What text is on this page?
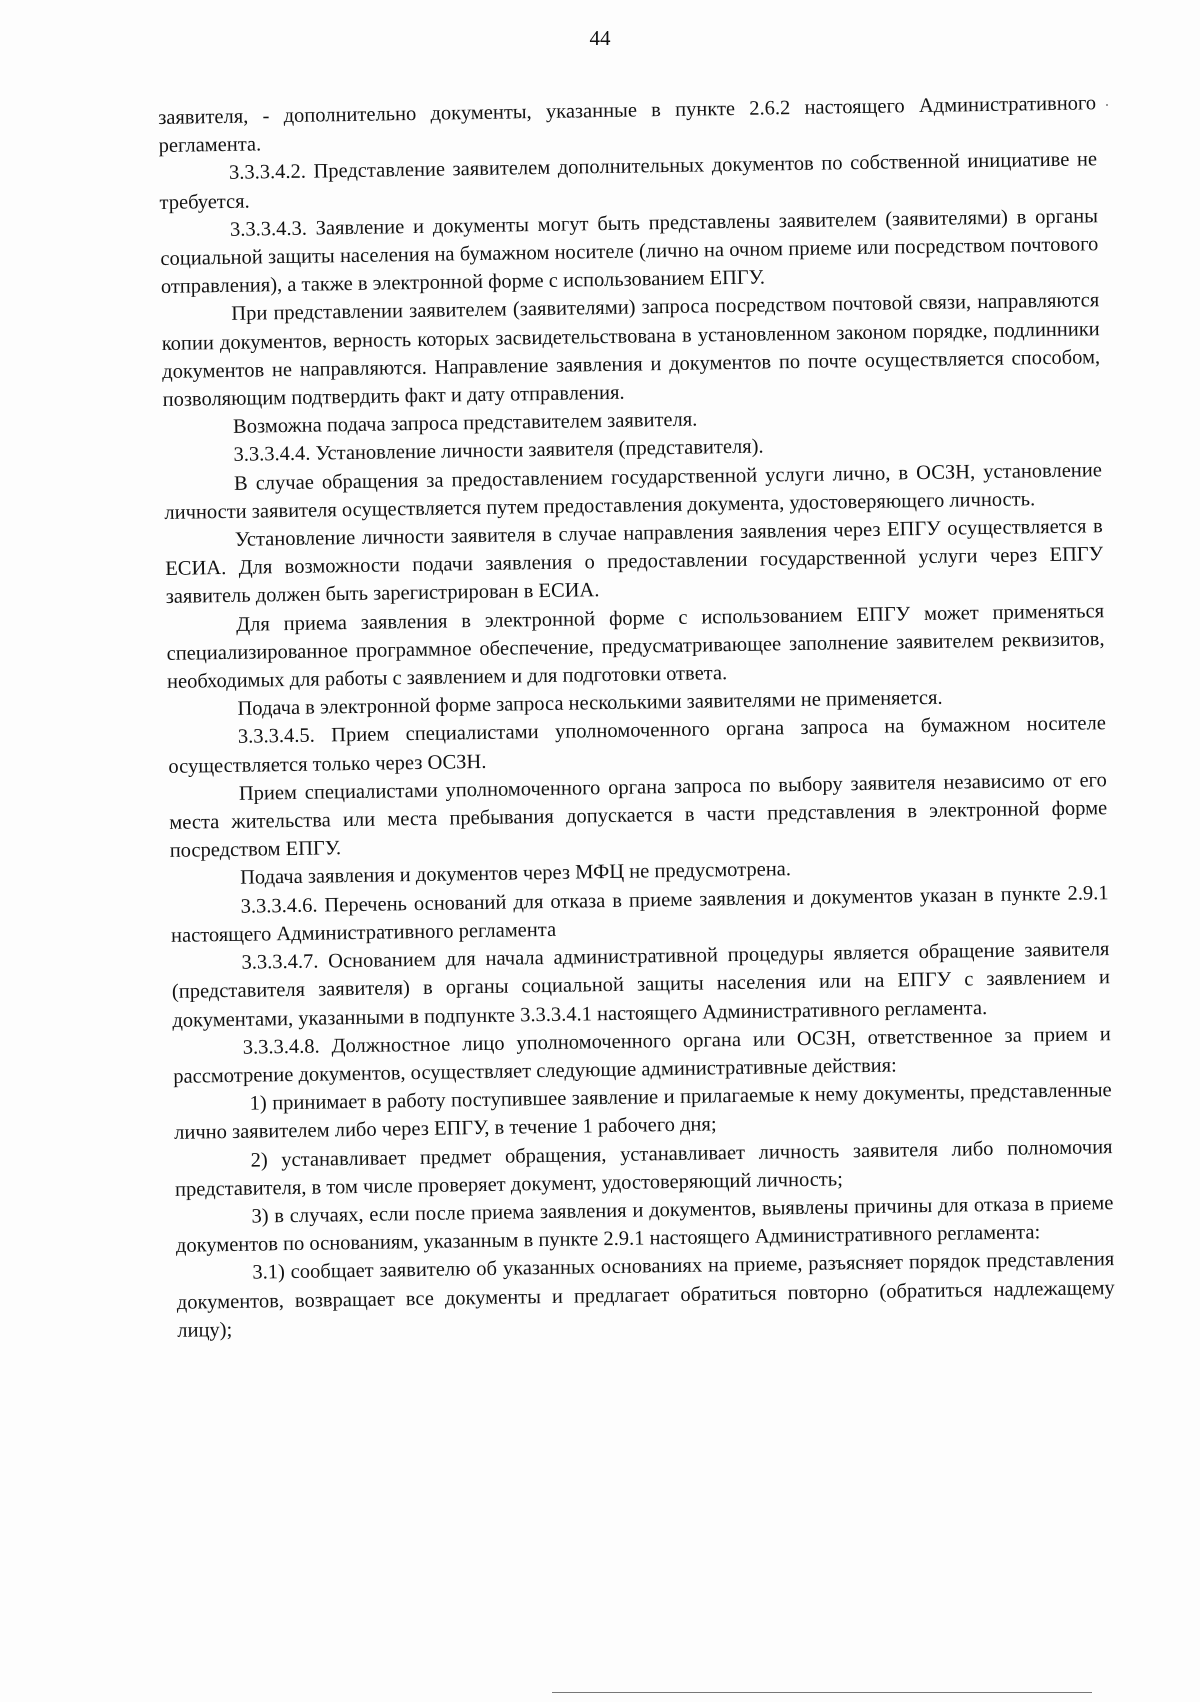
44

заявителя, - дополнительно документы, указанные в пункте 2.6.2 настоящего Административного регламента.

3.3.3.4.2. Представление заявителем дополнительных документов по собственной инициативе не требуется.

3.3.3.4.3. Заявление и документы могут быть представлены заявителем (заявителями) в органы социальной защиты населения на бумажном носителе (лично на очном приеме или посредством почтового отправления), а также в электронной форме с использованием ЕПГУ.

При представлении заявителем (заявителями) запроса посредством почтовой связи, направляются копии документов, верность которых засвидетельствована в установленном законом порядке, подлинники документов не направляются. Направление заявления и документов по почте осуществляется способом, позволяющим подтвердить факт и дату отправления.

Возможна подача запроса представителем заявителя.

3.3.3.4.4. Установление личности заявителя (представителя).

В случае обращения за предоставлением государственной услуги лично, в ОСЗН, установление личности заявителя осуществляется путем предоставления документа, удостоверяющего личность.

Установление личности заявителя в случае направления заявления через ЕПГУ осуществляется в ЕСИА. Для возможности подачи заявления о предоставлении государственной услуги через ЕПГУ заявитель должен быть зарегистрирован в ЕСИА.

Для приема заявления в электронной форме с использованием ЕПГУ может применяться специализированное программное обеспечение, предусматривающее заполнение заявителем реквизитов, необходимых для работы с заявлением и для подготовки ответа.

Подача в электронной форме запроса несколькими заявителями не применяется.

3.3.3.4.5. Прием специалистами уполномоченного органа запроса на бумажном носителе осуществляется только через ОСЗН.

Прием специалистами уполномоченного органа запроса по выбору заявителя независимо от его места жительства или места пребывания допускается в части представления в электронной форме посредством ЕПГУ.

Подача заявления и документов через МФЦ не предусмотрена.

3.3.3.4.6. Перечень оснований для отказа в приеме заявления и документов указан в пункте 2.9.1 настоящего Административного регламента

3.3.3.4.7. Основанием для начала административной процедуры является обращение заявителя (представителя заявителя) в органы социальной защиты населения или на ЕПГУ с заявлением и документами, указанными в подпункте 3.3.3.4.1 настоящего Административного регламента.

3.3.3.4.8. Должностное лицо уполномоченного органа или ОСЗН, ответственное за прием и рассмотрение документов, осуществляет следующие административные действия:

1) принимает в работу поступившее заявление и прилагаемые к нему документы, представленные лично заявителем либо через ЕПГУ, в течение 1 рабочего дня;

2) устанавливает предмет обращения, устанавливает личность заявителя либо полномочия представителя, в том числе проверяет документ, удостоверяющий личность;

3) в случаях, если после приема заявления и документов, выявлены причины для отказа в приеме документов по основаниям, указанным в пункте 2.9.1 настоящего Административного регламента:

3.1) сообщает заявителю об указанных основаниях на приеме, разъясняет порядок представления документов, возвращает все документы и предлагает обратиться повторно (обратиться надлежащему лицу);
